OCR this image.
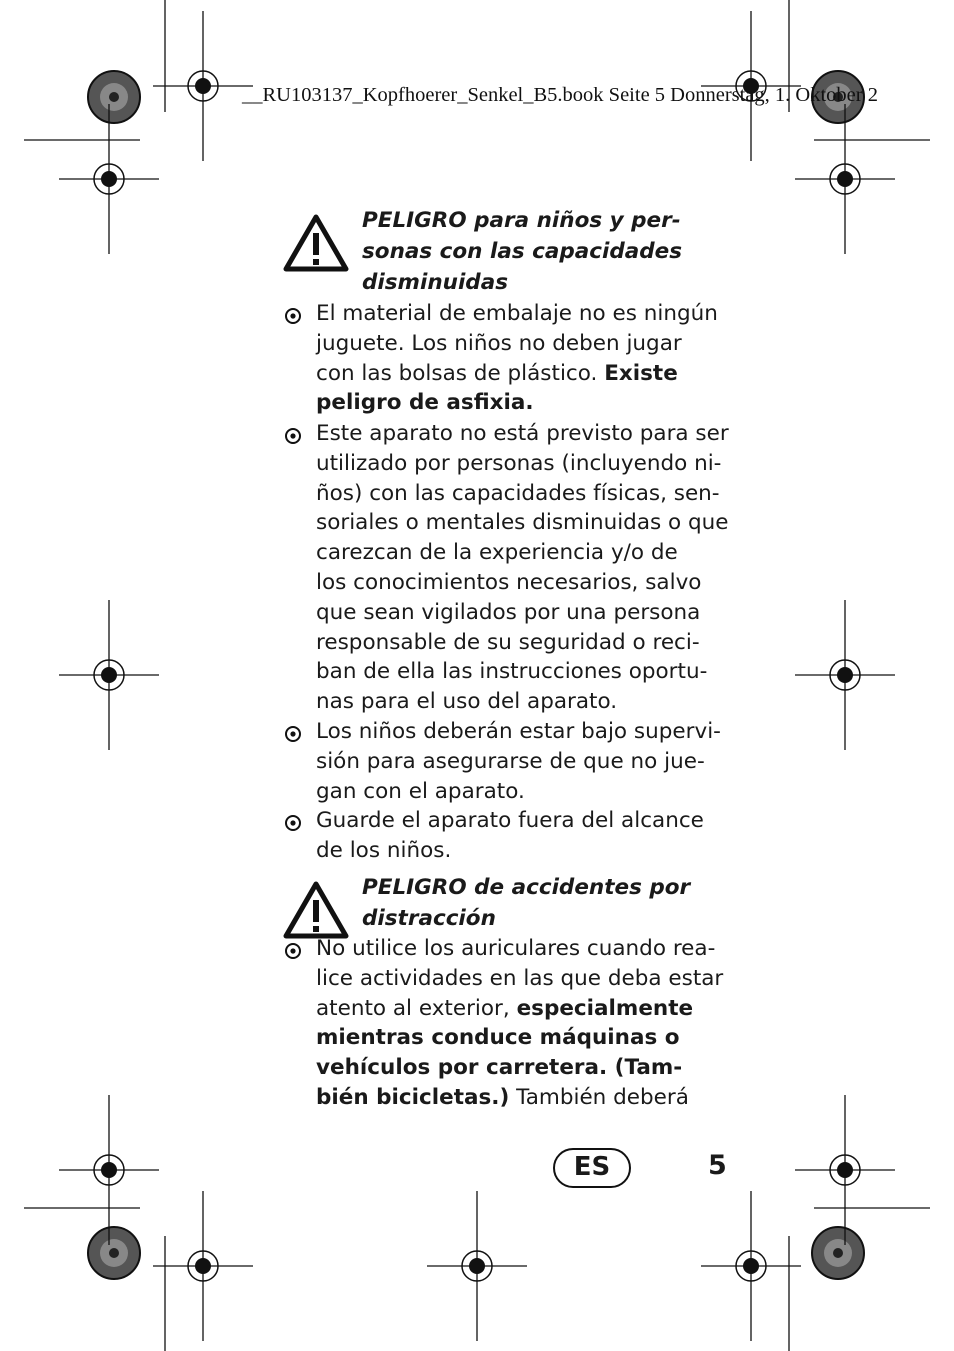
__RU103137_Kopfhoerer_Senkel_B5.book Seite 5 Donnerstag, 1. Oktober 2

PELIGRO para niños y per-
sonas con las capacidades
disminuidas

El material de embalaje no es ningún
juguete. Los niños no deben jugar
con las bolsas de plástico. Existe
peligro de asfixia.

Este aparato no está previsto para ser
utilizado por personas (incluyendo ni-
ños) con las capacidades físicas, sen-
soriales o mentales disminuidas o que
carezcan de la experiencia y/o de
los conocimientos necesarios, salvo
que sean vigilados por una persona
responsable de su seguridad o reci-
ban de ella las instrucciones oportu-
nas para el uso del aparato.

Los niños deberán estar bajo supervi-
sión para asegurarse de que no jue-
gan con el aparato.

Guarde el aparato fuera del alcance
de los niños.

PELIGRO de accidentes por
distracción

No utilice los auriculares cuando rea-
lice actividades en las que deba estar
atento al exterior, especialmente
mientras conduce máquinas o
vehículos por carretera. (Tam-
bién bicicletas.) También deberá

ES	5
